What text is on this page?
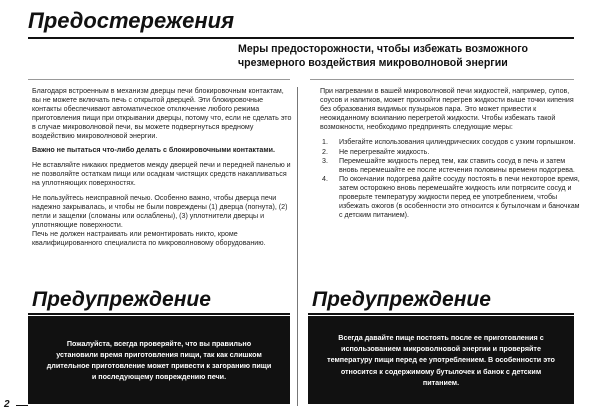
Предостережения
Меры предосторожности, чтобы избежать возможного чрезмерного воздействия микроволновой энергии

Благодаря встроенным в механизм дверцы печи блокировочным контактам, вы не можете включать печь с открытой дверцей. Эти блокировочные контакты обеспечивают автоматическое отключение любого режима приготовления пищи при открывании дверцы, потому что, если не сделать это в случае микроволновой печи, вы можете подвергнуться вредному воздействию микроволновой энергии.

Важно не пытаться что-либо делать с блокировочными контактами.

Не вставляйте никаких предметов между дверцей печи и передней панелью и не позволяйте остаткам пищи или осадкам чистящих средств накапливаться на уплотняющих поверхностях.

Не пользуйтесь неисправной печью. Особенно важно, чтобы дверца печи надежно закрывалась, и чтобы не были повреждены (1) дверца (погнута), (2) петли и защелки (сломаны или ослаблены), (3) уплотнители дверцы и уплотняющие поверхности.

Печь не должен настраивать или ремонтировать никто, кроме квалифицированного специалиста по микроволновому оборудованию.

При нагревании в вашей микроволновой печи жидкостей, например, супов, соусов и напитков, может произойти перегрев жидкости выше точки кипения без образования видимых пузырьков пара. Это может привести к неожиданному вскипанию перегретой жидкости. Чтобы избежать такой возможности, необходимо предпринять следующие меры:

1. Избегайте использования цилиндрических сосудов с узким горлышком.
2. Не перегревайте жидкость.
3. Перемешайте жидкость перед тем, как ставить сосуд в печь и затем вновь перемешайте ее после истечения половины времени подогрева.
4. По окончании подогрева дайте сосуду постоять в печи некоторое время, затем осторожно вновь перемешайте жидкость или потрясите сосуд и проверьте температуру жидкости перед ее употреблением, чтобы избежать ожогов (в особенности это относится к бутылочкам и баночкам с детским питанием).
Предупреждение
Пожалуйста, всегда проверяйте, что вы правильно установили время приготовления пищи, так как слишком длительное приготовление может привести к загоранию пищи и последующему повреждению печи.
Предупреждение
Всегда давайте пище постоять после ее приготовления с использованием микроволновой энергии и проверяйте температуру пищи перед ее употреблением. В особенности это относится к содержимому бутылочек и банок с детским питанием.
2
